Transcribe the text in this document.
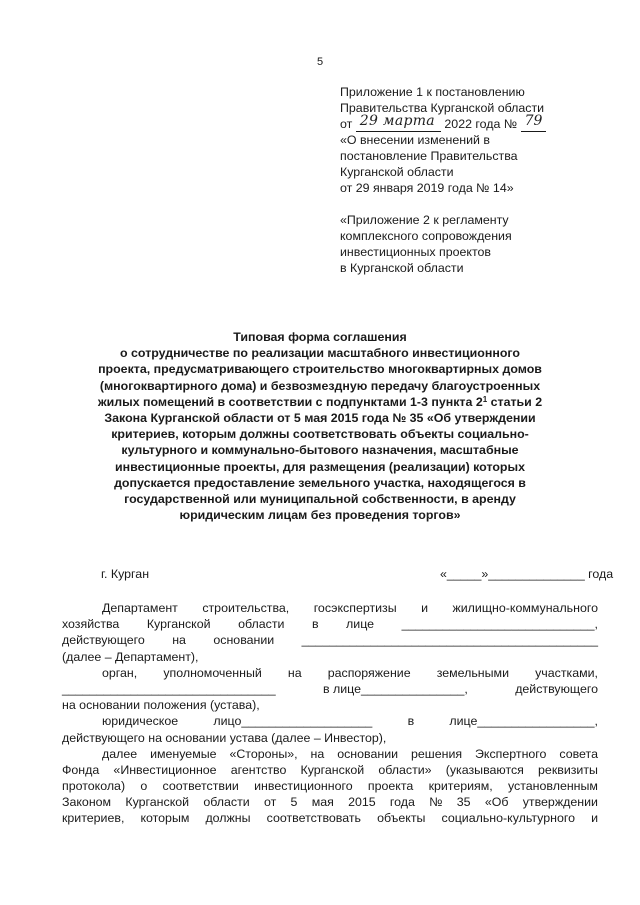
5
Приложение 1 к постановлению
Правительства Курганской области
от 29 марта 2022 года № 79
«О внесении изменений в
постановление Правительства
Курганской области
от 29 января 2019 года № 14»
«Приложение 2 к регламенту
комплексного сопровождения
инвестиционных проектов
в Курганской области
Типовая форма соглашения
о сотрудничестве по реализации масштабного инвестиционного
проекта, предусматривающего строительство многоквартирных домов
(многоквартирного дома) и безвозмездную передачу благоустроенных
жилых помещений в соответствии с подпунктами 1-3 пункта $2^1$ статьи 2
Закона Курганской области от 5 мая 2015 года № 35 «Об утверждении
критериев, которым должны соответствовать объекты социально-
культурного и коммунально-бытового назначения, масштабные
инвестиционные проекты, для размещения (реализации) которых
допускается предоставление земельного участка, находящегося в
государственной или муниципальной собственности, в аренду
юридическим лицам без проведения торгов»
г. Курган	«_____»______________ года
Департамент строительства, госэкспертизы и жилищно-коммунального
хозяйства Курганской области в лице ____________________________,
действующего на основании ___________________________________________
(далее – Департамент),
орган, уполномоченный на распоряжение земельными участками,
_______________________________	в лице_______________,	действующего
на основании положения (устава),
юридическое	лицо___________________	в	лице_________________,
действующего на основании устава (далее – Инвестор),
далее именуемые «Стороны», на основании решения Экспертного совета
Фонда «Инвестиционное агентство Курганской области» (указываются реквизиты
протокола) о соответствии инвестиционного проекта критериям, установленным
Законом Курганской области от 5 мая 2015 года № 35 «Об утверждении
критериев, которым должны соответствовать объекты социально-культурного и
